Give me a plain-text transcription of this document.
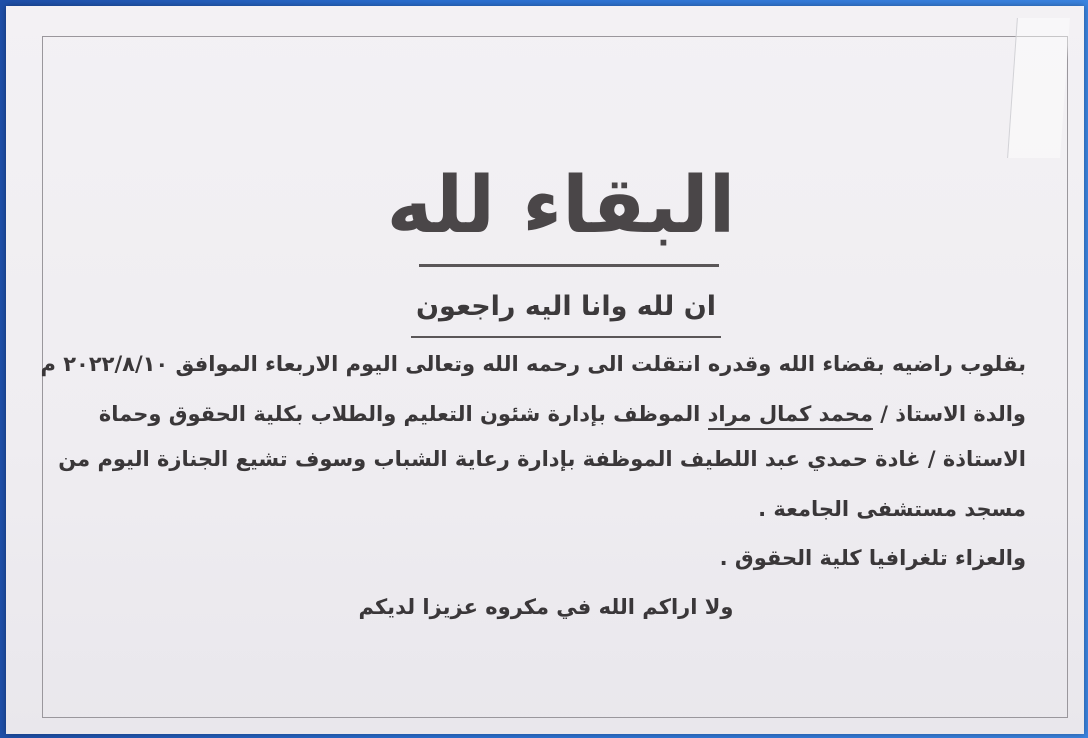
البقاء لله
ان لله وانا اليه راجعون
بقلوب راضيه بقضاء الله وقدره انتقلت الى رحمه الله وتعالى اليوم الاربعاء الموافق ٢٠٢٢/٨/١٠ م
والدة الاستاذ / محمد كمال مراد الموظف بإدارة شئون التعليم والطلاب بكلية الحقوق وحماة
الاستاذة / غادة حمدي عبد اللطيف الموظفة بإدارة رعاية الشباب وسوف تشيع الجنازة اليوم من
مسجد مستشفى الجامعة .
والعزاء تلغرافيا كلية الحقوق .
ولا اراكم الله في مكروه عزيزا لديكم
